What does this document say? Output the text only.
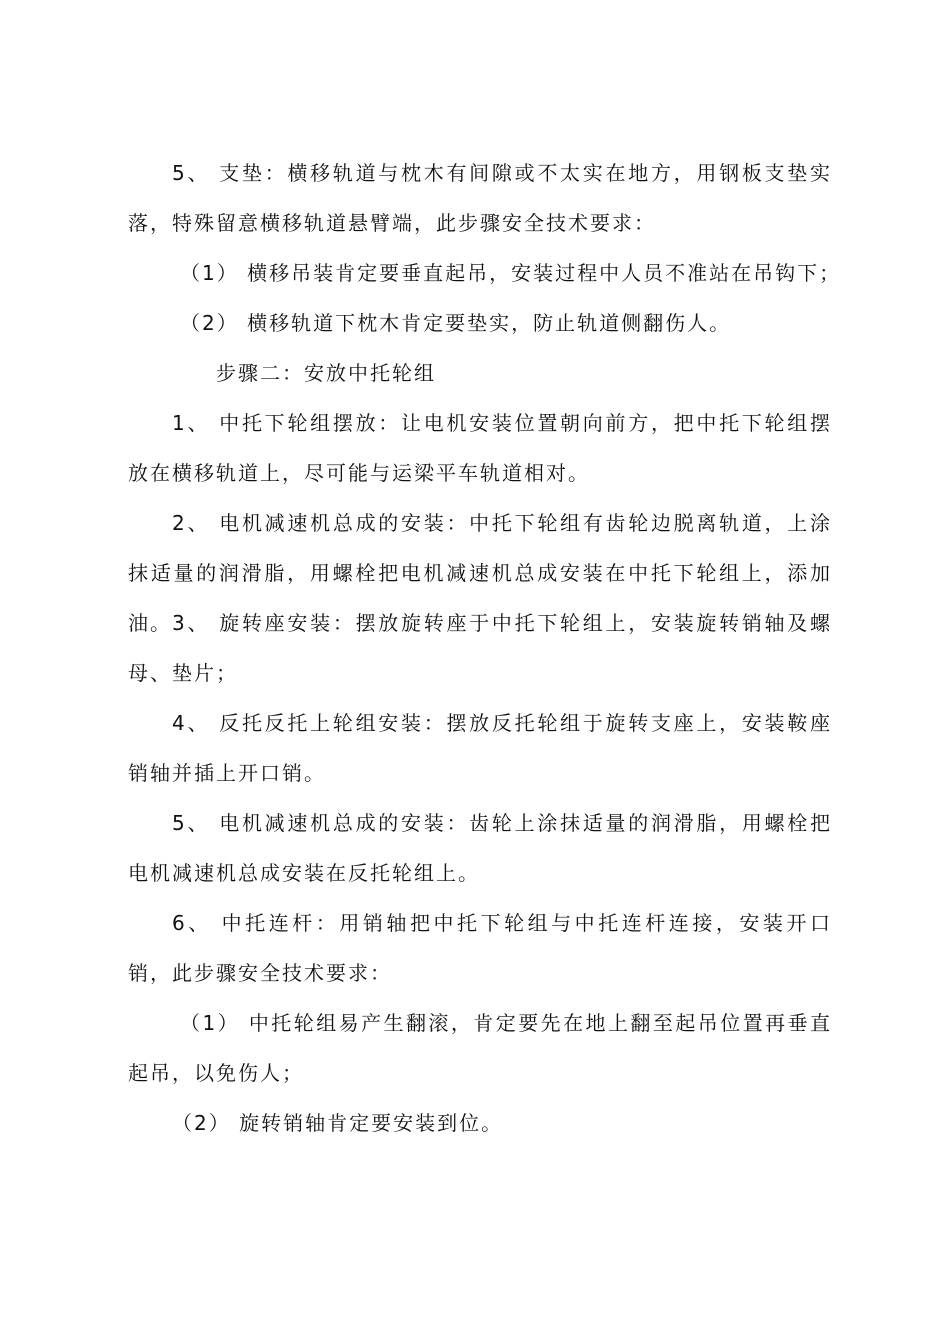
5、 支垫：横移轨道与枕木有间隙或不太实在地方，用钢板支垫实落，特殊留意横移轨道悬臂端，此步骤安全技术要求：

（1） 横移吊装肯定要垂直起吊，安装过程中人员不准站在吊钩下；

（2） 横移轨道下枕木肯定要垫实，防止轨道侧翻伤人。

步骤二：安放中托轮组

1、 中托下轮组摆放：让电机安装位置朝向前方，把中托下轮组摆放在横移轨道上，尽可能与运梁平车轨道相对。

2、 电机减速机总成的安装：中托下轮组有齿轮边脱离轨道，上涂抹适量的润滑脂，用螺栓把电机减速机总成安装在中托下轮组上，添加油。 3、 旋转座安装：摆放旋转座于中托下轮组上，安装旋转销轴及螺母、垫片；

4、 反托反托上轮组安装：摆放反托轮组于旋转支座上，安装鞍座销轴并插上开口销。

5、 电机减速机总成的安装：齿轮上涂抹适量的润滑脂，用螺栓把电机减速机总成安装在反托轮组上。

6、 中托连杆：用销轴把中托下轮组与中托连杆连接，安装开口销，此步骤安全技术要求：

（1） 中托轮组易产生翻滚，肯定要先在地上翻至起吊位置再垂直起吊，以免伤人；

（2） 旋转销轴肯定要安装到位。
